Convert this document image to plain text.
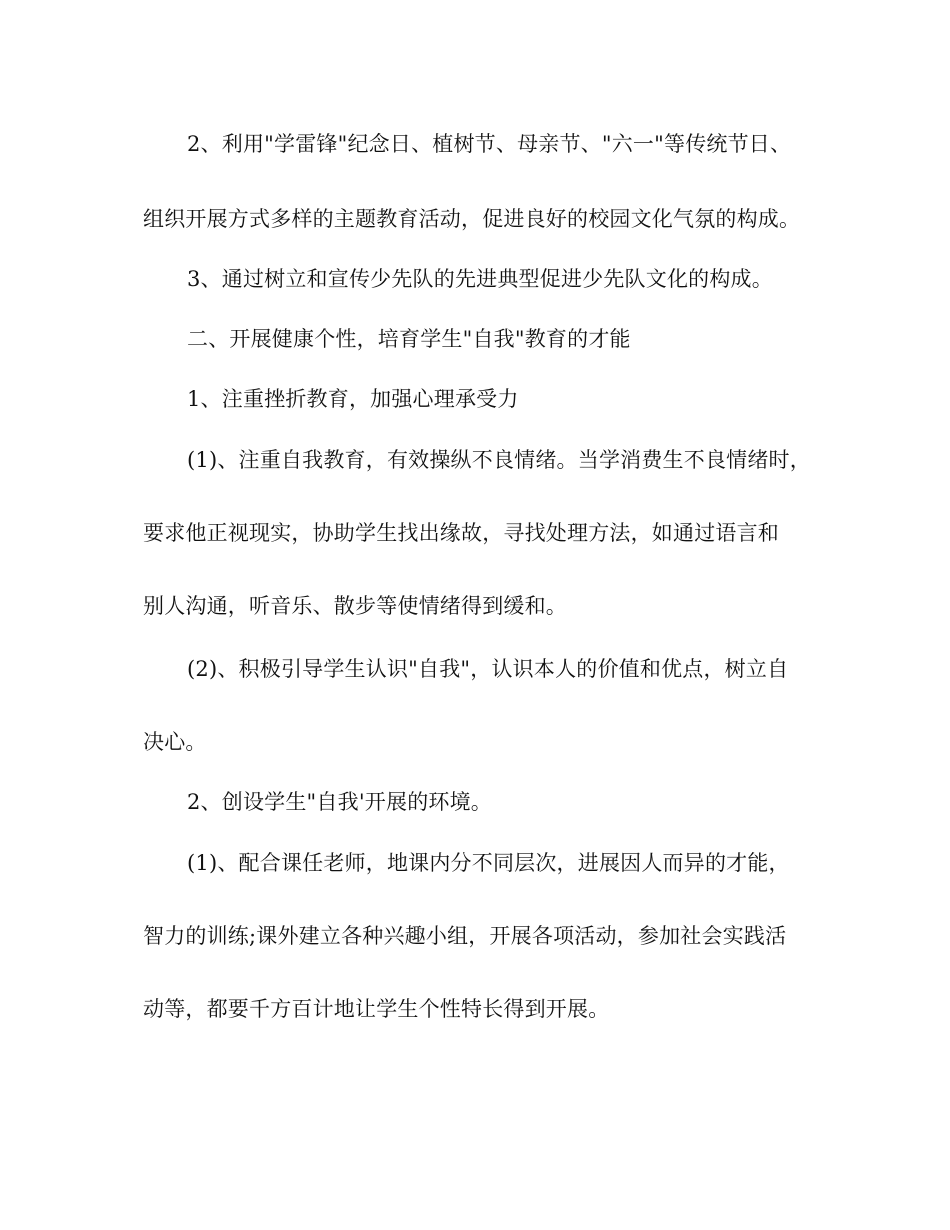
2、利用"学雷锋"纪念日、植树节、母亲节、"六一"等传统节日、
组织开展方式多样的主题教育活动，促进良好的校园文化气氛的构成。
3、通过树立和宣传少先队的先进典型促进少先队文化的构成。
二、开展健康个性，培育学生"自我"教育的才能
1、注重挫折教育，加强心理承受力
(1)、注重自我教育，有效操纵不良情绪。当学消费生不良情绪时，
要求他正视现实，协助学生找出缘故，寻找处理方法，如通过语言和
别人沟通，听音乐、散步等使情绪得到缓和。
(2)、积极引导学生认识"自我"，认识本人的价值和优点，树立自
决心。
2、创设学生"自我'开展的环境。
(1)、配合课任老师，地课内分不同层次，进展因人而异的才能，
智力的训练;课外建立各种兴趣小组，开展各项活动，参加社会实践活
动等，都要千方百计地让学生个性特长得到开展。
